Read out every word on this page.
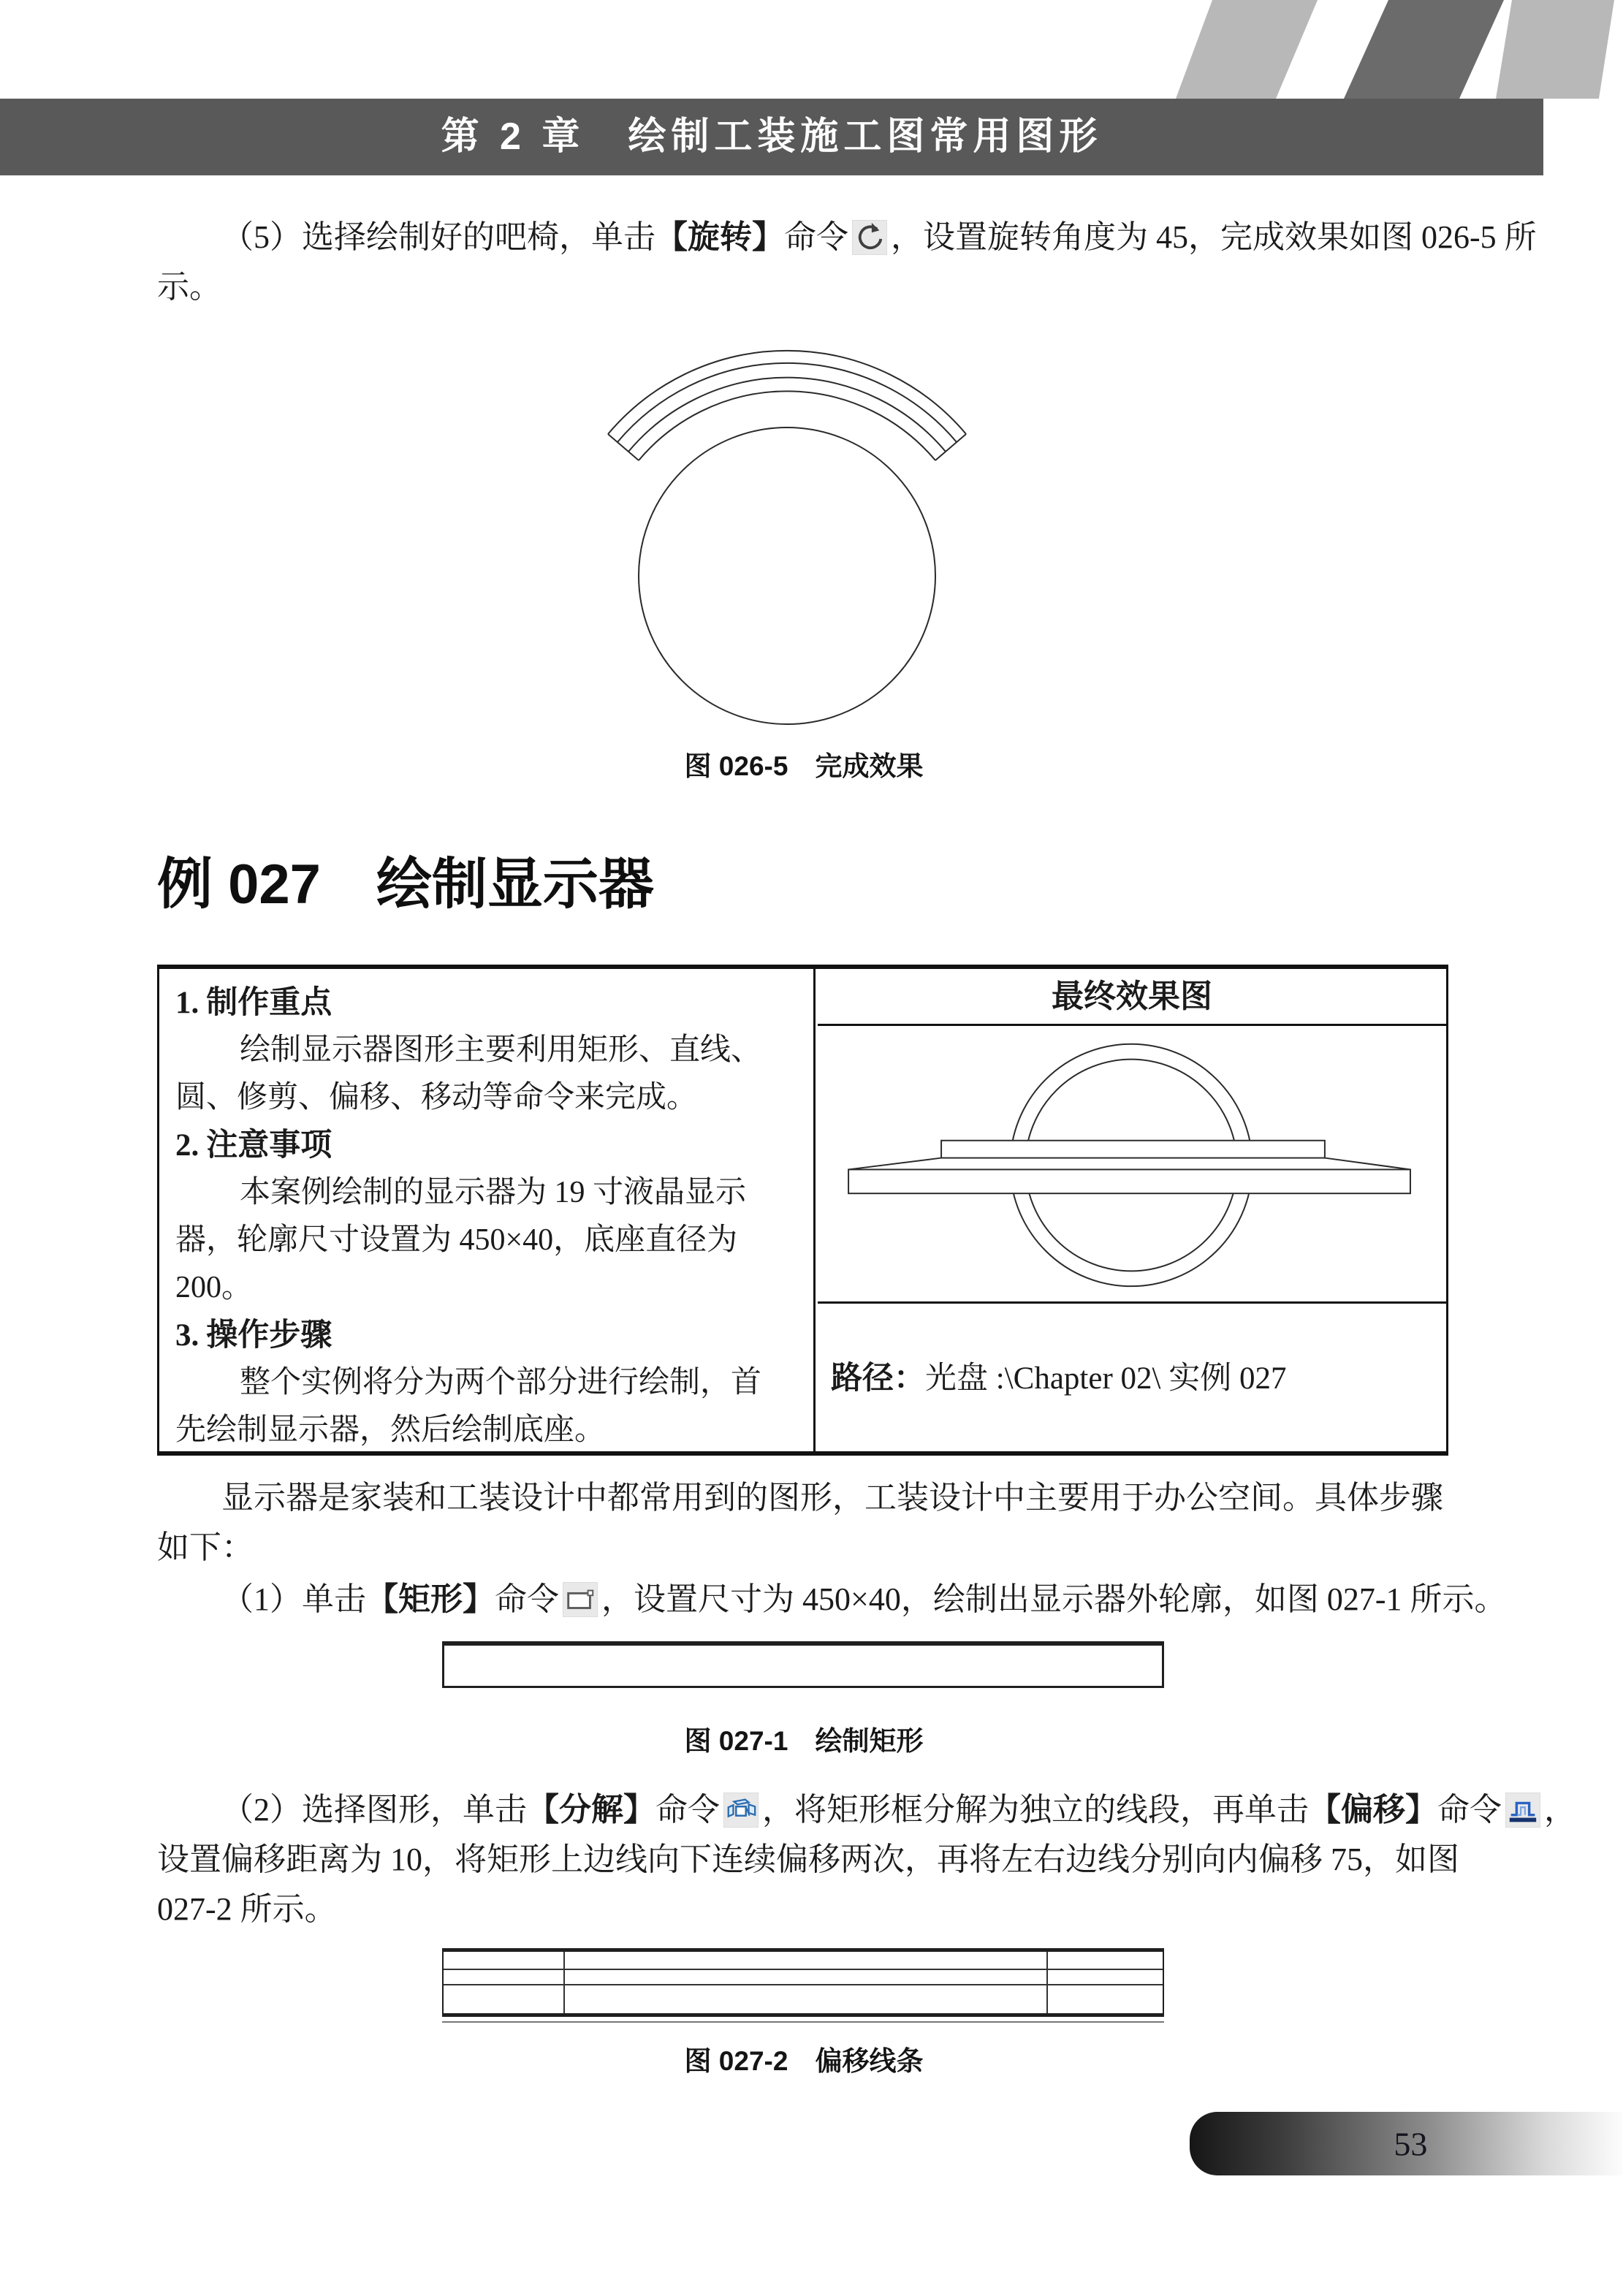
第 2 章　绘制工装施工图常用图形
（5）选择绘制好的吧椅，单击【旋转】命令 ，设置旋转角度为 45，完成效果如图 026-5 所
示。
图 026-5　完成效果
例 027　绘制显示器
1. 制作重点
绘制显示器图形主要利用矩形、直线、
圆、修剪、偏移、移动等命令来完成。
2. 注意事项
本案例绘制的显示器为 19 寸液晶显示
器，轮廓尺寸设置为 450×40，底座直径为
200。
3. 操作步骤
整个实例将分为两个部分进行绘制，首
先绘制显示器，然后绘制底座。
最终效果图
路径： 光盘 :\Chapter 02\ 实例 027
显示器是家装和工装设计中都常用到的图形，工装设计中主要用于办公空间。具体步骤
如下：
（1）单击【矩形】命令 ，设置尺寸为 450×40，绘制出显示器外轮廓，如图 027-1 所示。
图 027-1　绘制矩形
（2）选择图形，单击【分解】命令 ，将矩形框分解为独立的线段，再单击【偏移】命令 ，
设置偏移距离为 10，将矩形上边线向下连续偏移两次，再将左右边线分别向内偏移 75，如图
027-2 所示。
图 027-2　偏移线条
53
